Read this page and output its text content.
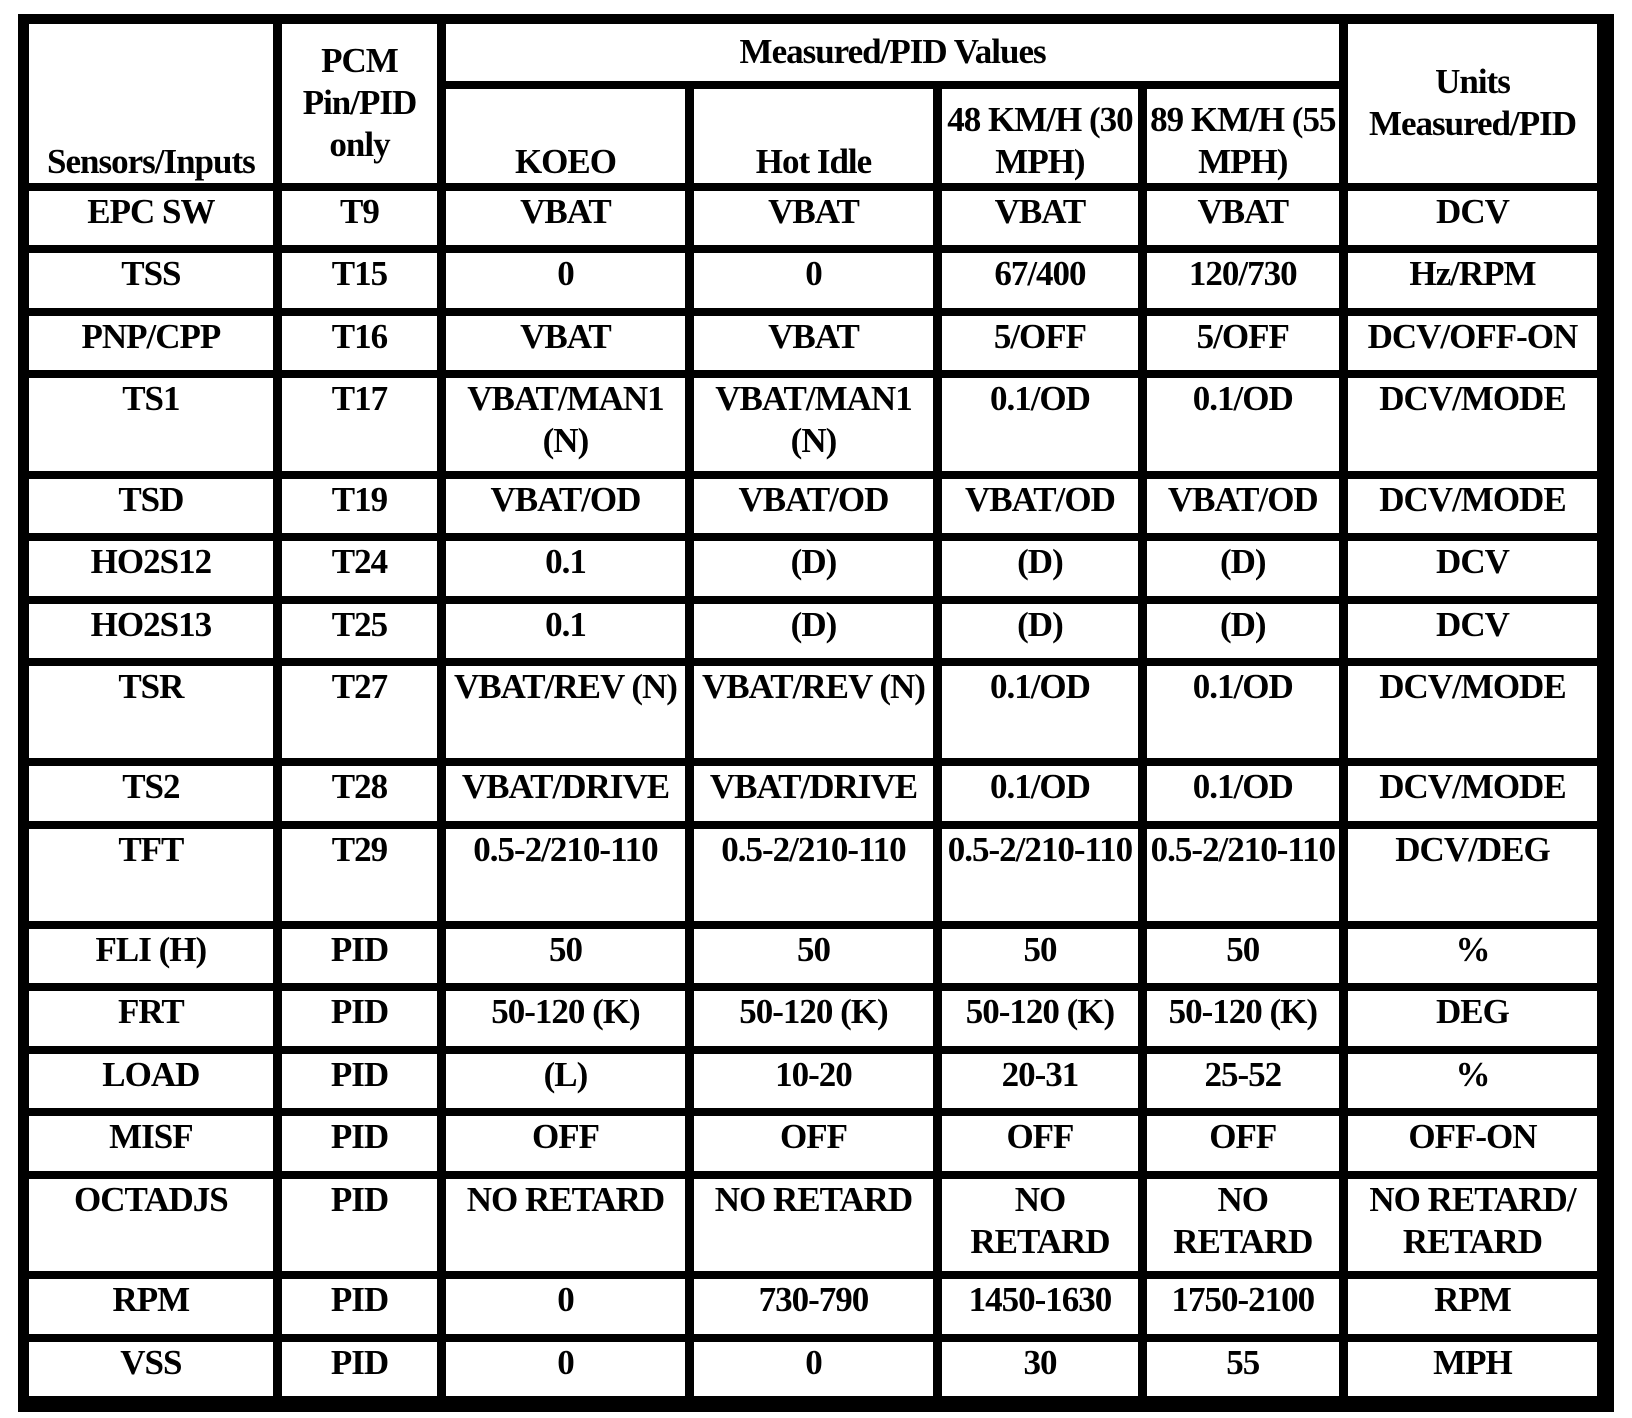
Sensors/Inputs	PCM Pin/PID only	Measured/PID Values				Units Measured/PID
		KOEO	Hot Idle	48 KM/H (30 MPH)	89 KM/H (55 MPH)	
EPC SW	T9	VBAT	VBAT	VBAT	VBAT	DCV
TSS	T15	0	0	67/400	120/730	Hz/RPM
PNP/CPP	T16	VBAT	VBAT	5/OFF	5/OFF	DCV/OFF-ON
TS1	T17	VBAT/MAN1 (N)	VBAT/MAN1 (N)	0.1/OD	0.1/OD	DCV/MODE
TSD	T19	VBAT/OD	VBAT/OD	VBAT/OD	VBAT/OD	DCV/MODE
HO2S12	T24	0.1	(D)	(D)	(D)	DCV
HO2S13	T25	0.1	(D)	(D)	(D)	DCV
TSR	T27	VBAT/REV (N)	VBAT/REV (N)	0.1/OD	0.1/OD	DCV/MODE
TS2	T28	VBAT/DRIVE	VBAT/DRIVE	0.1/OD	0.1/OD	DCV/MODE
TFT	T29	0.5-2/210-110	0.5-2/210-110	0.5-2/210-110	0.5-2/210-110	DCV/DEG
FLI (H)	PID	50	50	50	50	%
FRT	PID	50-120 (K)	50-120 (K)	50-120 (K)	50-120 (K)	DEG
LOAD	PID	(L)	10-20	20-31	25-52	%
MISF	PID	OFF	OFF	OFF	OFF	OFF-ON
OCTADJS	PID	NO RETARD	NO RETARD	NO RETARD	NO RETARD	NO RETARD/ RETARD
RPM	PID	0	730-790	1450-1630	1750-2100	RPM
VSS	PID	0	0	30	55	MPH
